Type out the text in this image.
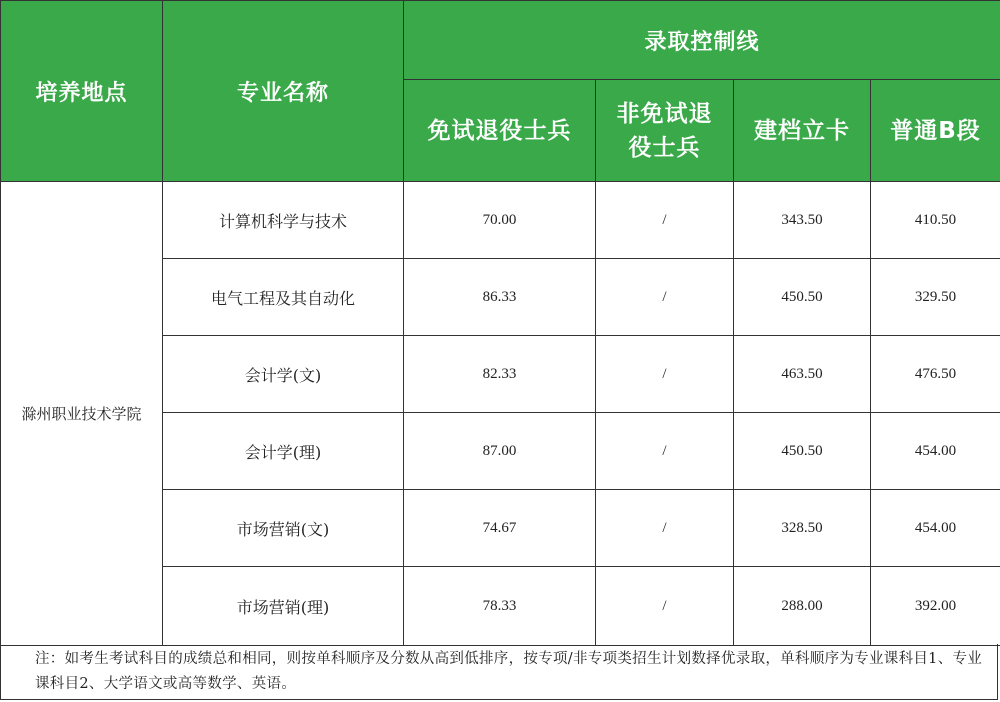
培养地点	专业名称	录取控制线			
		免试退役士兵	非免试退役士兵	建档立卡	普通B段
滁州职业技术学院	计算机科学与技术	70.00	/	343.50	410.50
	电气工程及其自动化	86.33	/	450.50	329.50
	会计学(文)	82.33	/	463.50	476.50
	会计学(理)	87.00	/	450.50	454.00
	市场营销(文)	74.67	/	328.50	454.00
	市场营销(理)	78.33	/	288.00	392.00
注：如考生考试科目的成绩总和相同，则按单科顺序及分数从高到低排序，按专项/非专项类招生计划数择优录取，单科顺序为专业课科目1、专业课科目2、大学语文或高等数学、英语。
